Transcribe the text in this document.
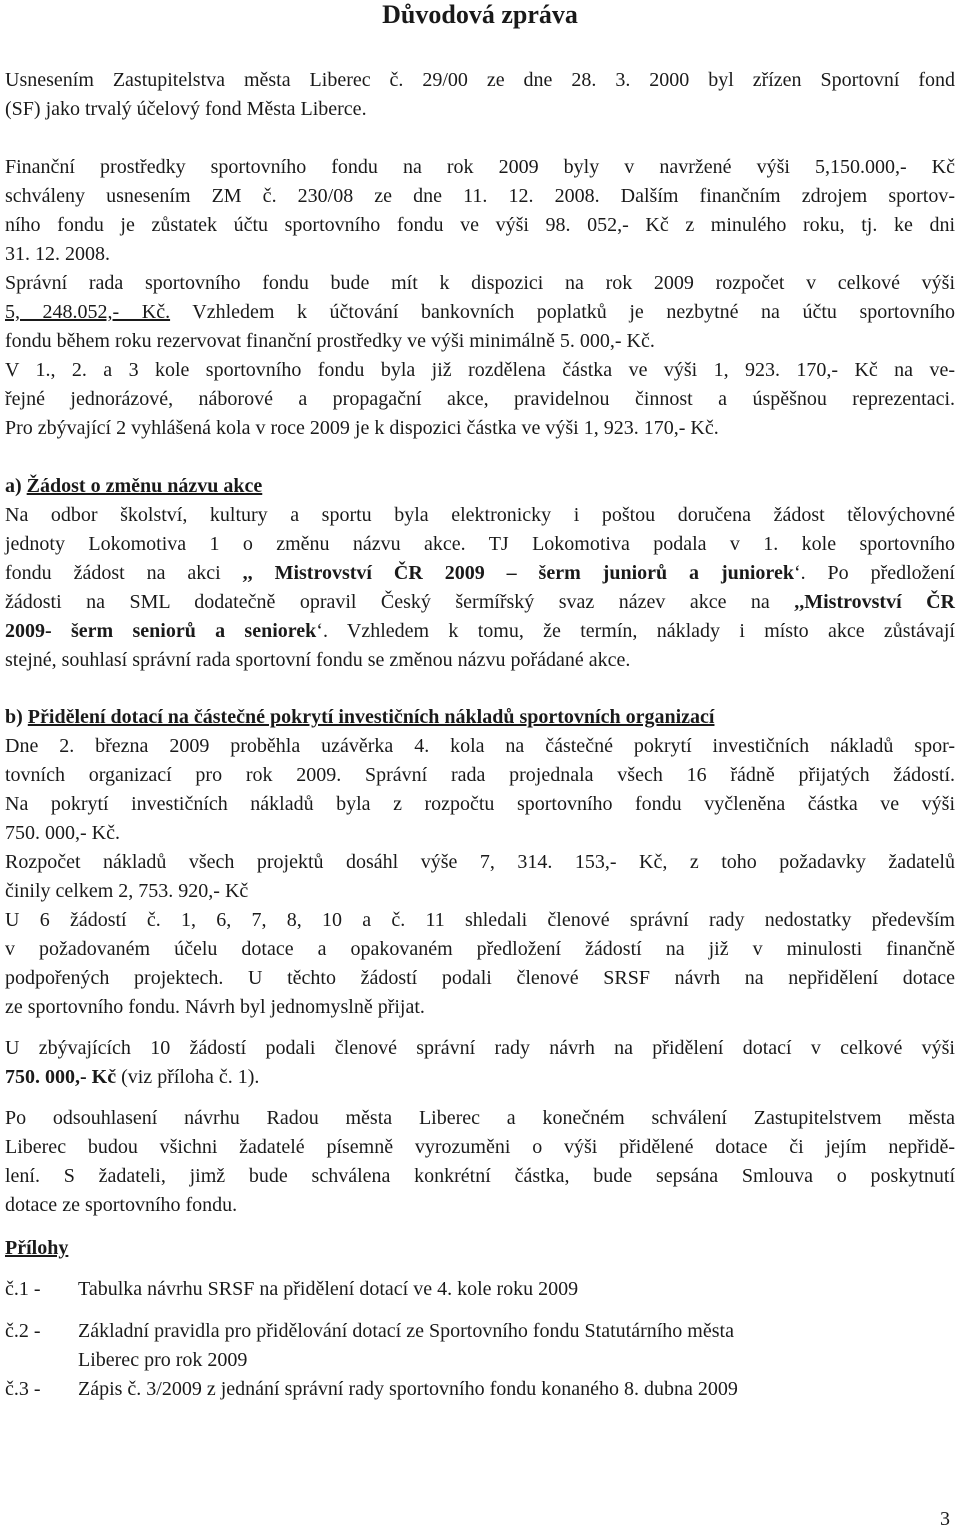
Důvodová zpráva
Usnesením Zastupitelstva města Liberec č. 29/00 ze dne 28. 3. 2000 byl zřízen Sportovní fond
(SF) jako trvalý účelový fond Města Liberce.
Finanční prostředky sportovního fondu na rok 2009 byly v navržené výši 5,150.000,- Kč
schváleny usnesením ZM č. 230/08 ze dne 11. 12. 2008. Dalším finančním zdrojem sportov-
ního fondu je zůstatek účtu sportovního fondu ve výši 98. 052,- Kč z minulého roku, tj. ke dni
31. 12. 2008.
Správní rada sportovního fondu bude mít k dispozici na rok 2009 rozpočet v celkové výši
5, 248.052,- Kč. Vzhledem k účtování bankovních poplatků je nezbytné na účtu sportovního
fondu během roku rezervovat finanční prostředky ve výši minimálně 5. 000,- Kč.
V 1., 2. a 3 kole sportovního fondu byla již rozdělena částka ve výši 1, 923. 170,- Kč na ve-
řejné jednorázové, náborové a propagační akce, pravidelnou činnost a úspěšnou reprezentaci.
Pro zbývající 2 vyhlášená kola v roce 2009 je k dispozici částka ve výši 1, 923. 170,- Kč.
a) Žádost o změnu názvu akce
Na odbor školství, kultury a sportu byla elektronicky i poštou doručena žádost tělovýchovné
jednoty Lokomotiva 1 o změnu názvu akce. TJ Lokomotiva podala v 1. kole sportovního
fondu žádost na akci ,, Mistrovství ČR 2009 – šerm juniorů a juniorek‘. Po předložení
žádosti na SML dodatečně opravil Český šermířský svaz název akce na ,,Mistrovství ČR
2009- šerm seniorů a seniorek‘. Vzhledem k tomu, že termín, náklady i místo akce zůstávají
stejné, souhlasí správní rada sportovní fondu se změnou názvu pořádané akce.
b) Přidělení dotací na částečné pokrytí investičních nákladů sportovních organizací
Dne 2. března 2009 proběhla uzávěrka 4. kola na částečné pokrytí investičních nákladů spor-
tovních organizací pro rok 2009. Správní rada projednala všech 16 řádně přijatých žádostí.
Na pokrytí investičních nákladů byla z rozpočtu sportovního fondu vyčleněna částka ve výši
750. 000,- Kč.
Rozpočet nákladů všech projektů dosáhl výše 7, 314. 153,- Kč, z toho požadavky žadatelů
činily celkem 2, 753. 920,- Kč
U 6 žádostí č. 1, 6, 7, 8, 10 a č. 11 shledali členové správní rady nedostatky především
v požadovaném účelu dotace a opakovaném předložení žádostí na již v minulosti finančně
podpořených projektech. U těchto žádostí podali členové SRSF návrh na nepřidělení dotace
ze sportovního fondu. Návrh byl jednomyslně přijat.
U zbývajících 10 žádostí podali členové správní rady návrh na přidělení dotací v celkové výši
750. 000,- Kč (viz příloha č. 1).
Po odsouhlasení návrhu Radou města Liberec a konečném schválení Zastupitelstvem města
Liberec budou všichni žadatelé písemně vyrozuměni o výši přidělené dotace či jejím nepřidě-
lení. S žadateli, jimž bude schválena konkrétní částka, bude sepsána Smlouva o poskytnutí
dotace ze sportovního fondu.
Přílohy
č.1 - Tabulka návrhu SRSF na přidělení dotací ve 4. kole roku 2009
č.2 - Základní pravidla pro přidělování dotací ze Sportovního fondu Statutárního města
Liberec pro rok 2009
č.3 - Zápis č. 3/2009 z jednání správní rady sportovního fondu konaného 8. dubna 2009
3
